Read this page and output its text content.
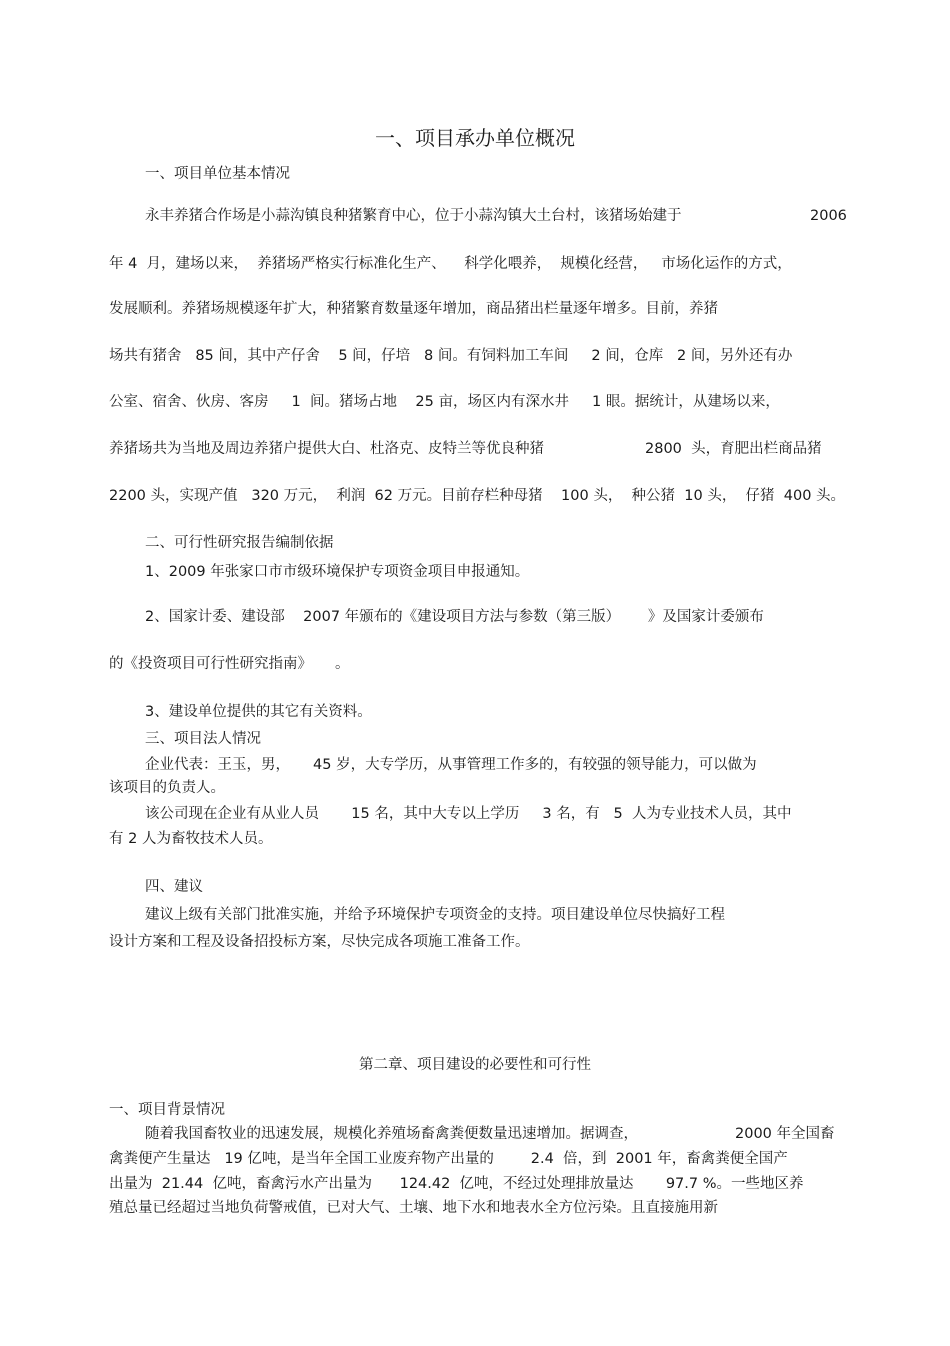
一、项目承办单位概况
一、项目单位基本情况
永丰养猪合作场是小蒜沟镇良种猪繁育中心，位于小蒜沟镇大土台村，该猪场始建于	2006
年 4  月，建场以来，  养猪场严格实行标准化生产、    科学化喂养，  规模化经营，   市场化运作的方式，
发展顺利。养猪场规模逐年扩大，种猪繁育数量逐年增加，商品猪出栏量逐年增多。目前，养猪
场共有猪舍   85 间，其中产仔舍    5 间，仔培   8 间。有饲料加工车间     2 间，仓库   2 间，另外还有办
公室、宿舍、伙房、客房     1  间。猪场占地    25 亩，场区内有深水井     1 眼。据统计，从建场以来，
养猪场共为当地及周边养猪户提供大白、杜洛克、皮特兰等优良种猪	2800  头，育肥出栏商品猪
2200 头，实现产值   320 万元，  利润  62 万元。目前存栏种母猪    100 头，  种公猪  10 头，  仔猪  400 头。
二、可行性研究报告编制依据
1、2009 年张家口市市级环境保护专项资金项目申报通知。
2、国家计委、建设部    2007 年颁布的《建设项目方法与参数（第三版）      》及国家计委颁布
的《投资项目可行性研究指南》     。
3、建设单位提供的其它有关资料。
三、项目法人情况
企业代表：王玉，男，     45 岁，大专学历，从事管理工作多的，有较强的领导能力，可以做为
该项目的负责人。
该公司现在企业有从业人员       15 名，其中大专以上学历     3 名，有   5  人为专业技术人员，其中
有 2 人为畜牧技术人员。
四、建议
建议上级有关部门批准实施，并给予环境保护专项资金的支持。项目建设单位尽快搞好工程
设计方案和工程及设备招投标方案，尽快完成各项施工准备工作。
第二章、项目建设的必要性和可行性
一、项目背景情况
随着我国畜牧业的迅速发展，规模化养殖场畜禽粪便数量迅速增加。据调查，	2000 年全国畜
禽粪便产生量达   19 亿吨，是当年全国工业废弃物产出量的        2.4  倍，到  2001 年，畜禽粪便全国产
出量为  21.44  亿吨，畜禽污水产出量为      124.42  亿吨，不经过处理排放量达       97.7 %。一些地区养
殖总量已经超过当地负荷警戒值，已对大气、土壤、地下水和地表水全方位污染。且直接施用新
